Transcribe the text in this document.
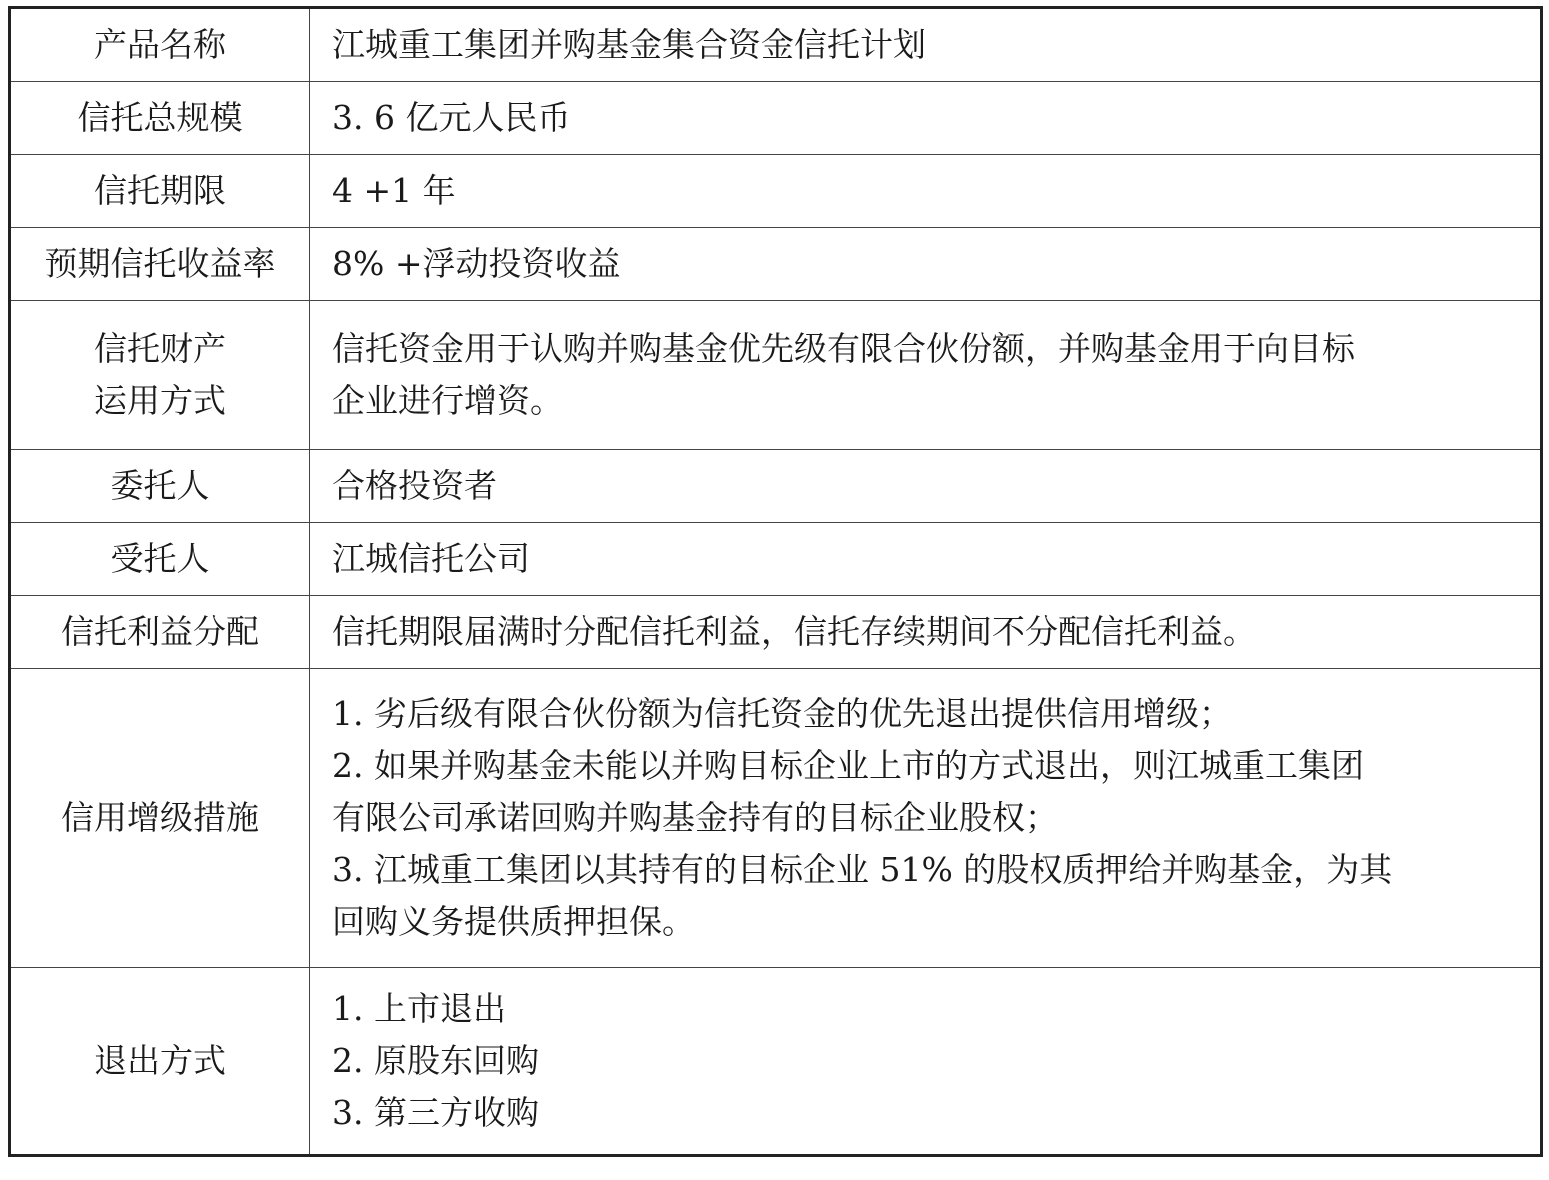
产品名称	江城重工集团并购基金集合资金信托计划

信托总规模	3. 6 亿元人民币

信托期限	4 +1 年

预期信托收益率	8% +浮动投资收益

信托财产
运用方式	信托资金用于认购并购基金优先级有限合伙份额，并购基金用于向目标
企业进行增资。

委托人	合格投资者

受托人	江城信托公司

信托利益分配	信托期限届满时分配信托利益，信托存续期间不分配信托利益。

信用增级措施	1. 劣后级有限合伙份额为信托资金的优先退出提供信用增级；
2. 如果并购基金未能以并购目标企业上市的方式退出，则江城重工集团
有限公司承诺回购并购基金持有的目标企业股权；
3. 江城重工集团以其持有的目标企业 51% 的股权质押给并购基金，为其
回购义务提供质押担保。

退出方式	1. 上市退出
2. 原股东回购
3. 第三方收购
